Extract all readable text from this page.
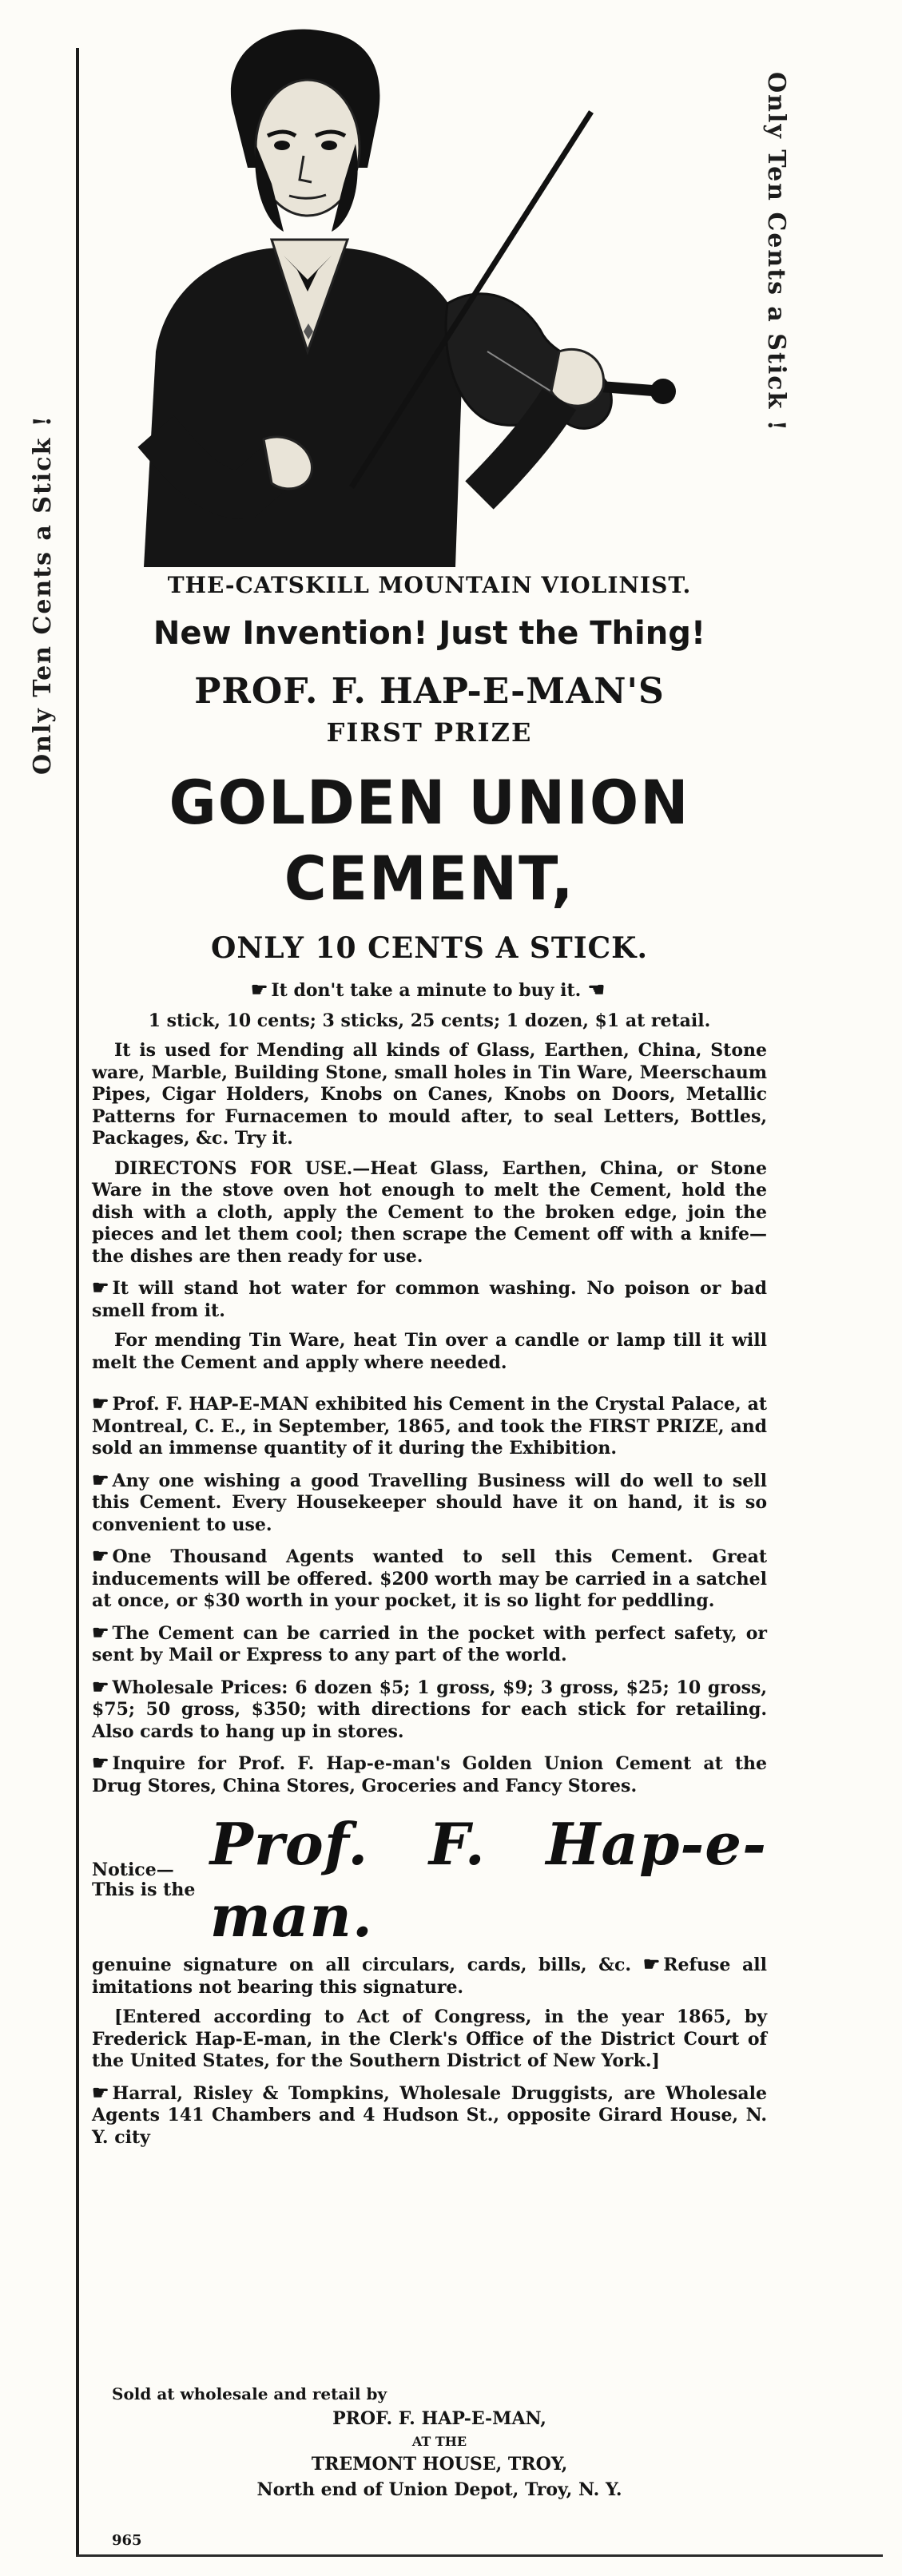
Only Ten Cents a Stick !
Only Ten Cents a Stick !
THE-CATSKILL MOUNTAIN VIOLINIST.
New Invention! Just the Thing!
PROF. F. HAP-E-MAN'S
FIRST PRIZE
GOLDEN UNION CEMENT,
ONLY 10 CENTS A STICK.

☛ It don't take a minute to buy it. ☚

1 stick, 10 cents; 3 sticks, 25 cents; 1 dozen, $1 at retail.

It is used for Mending all kinds of Glass, Earthen, China, Stone ware, Marble, Building Stone, small holes in Tin Ware, Meerschaum Pipes, Cigar Holders, Knobs on Canes, Knobs on Doors, Metallic Patterns for Furnacemen to mould after, to seal Letters, Bottles, Packages, &c. Try it.

DIRECTONS FOR USE.—Heat Glass, Earthen, China, or Stone Ware in the stove oven hot enough to melt the Cement, hold the dish with a cloth, apply the Cement to the broken edge, join the pieces and let them cool; then scrape the Cement off with a knife—the dishes are then ready for use.

☛ It will stand hot water for common washing. No poison or bad smell from it.

For mending Tin Ware, heat Tin over a candle or lamp till it will melt the Cement and apply where needed.

☛ Prof. F. HAP-E-MAN exhibited his Cement in the Crystal Palace, at Montreal, C. E., in September, 1865, and took the FIRST PRIZE, and sold an immense quantity of it during the Exhibition.

☛ Any one wishing a good Travelling Business will do well to sell this Cement. Every Housekeeper should have it on hand, it is so convenient to use.

☛ One Thousand Agents wanted to sell this Cement. Great inducements will be offered. $200 worth may be carried in a satchel at once, or $30 worth in your pocket, it is so light for peddling.

☛ The Cement can be carried in the pocket with perfect safety, or sent by Mail or Express to any part of the world.

☛ Wholesale Prices: 6 dozen $5; 1 gross, $9; 3 gross, $25; 10 gross, $75; 50 gross, $350; with directions for each stick for retailing. Also cards to hang up in stores.

☛ Inquire for Prof. F. Hap-e-man's Golden Union Cement at the Drug Stores, China Stores, Groceries and Fancy Stores.

Notice— This is the
Prof. F. Hap-e-man.

genuine signature on all circulars, cards, bills, &c. ☛ Refuse all imitations not bearing this signature.

[Entered according to Act of Congress, in the year 1865, by Frederick Hap-E-man, in the Clerk's Office of the District Court of the United States, for the Southern District of New York.]

☛ Harral, Risley & Tompkins, Wholesale Druggists, are Wholesale Agents 141 Chambers and 4 Hudson St., opposite Girard House, N. Y. city

Sold at wholesale and retail by

PROF. F. HAP-E-MAN,

AT THE

TREMONT HOUSE, TROY,

North end of Union Depot, Troy, N. Y.

965
